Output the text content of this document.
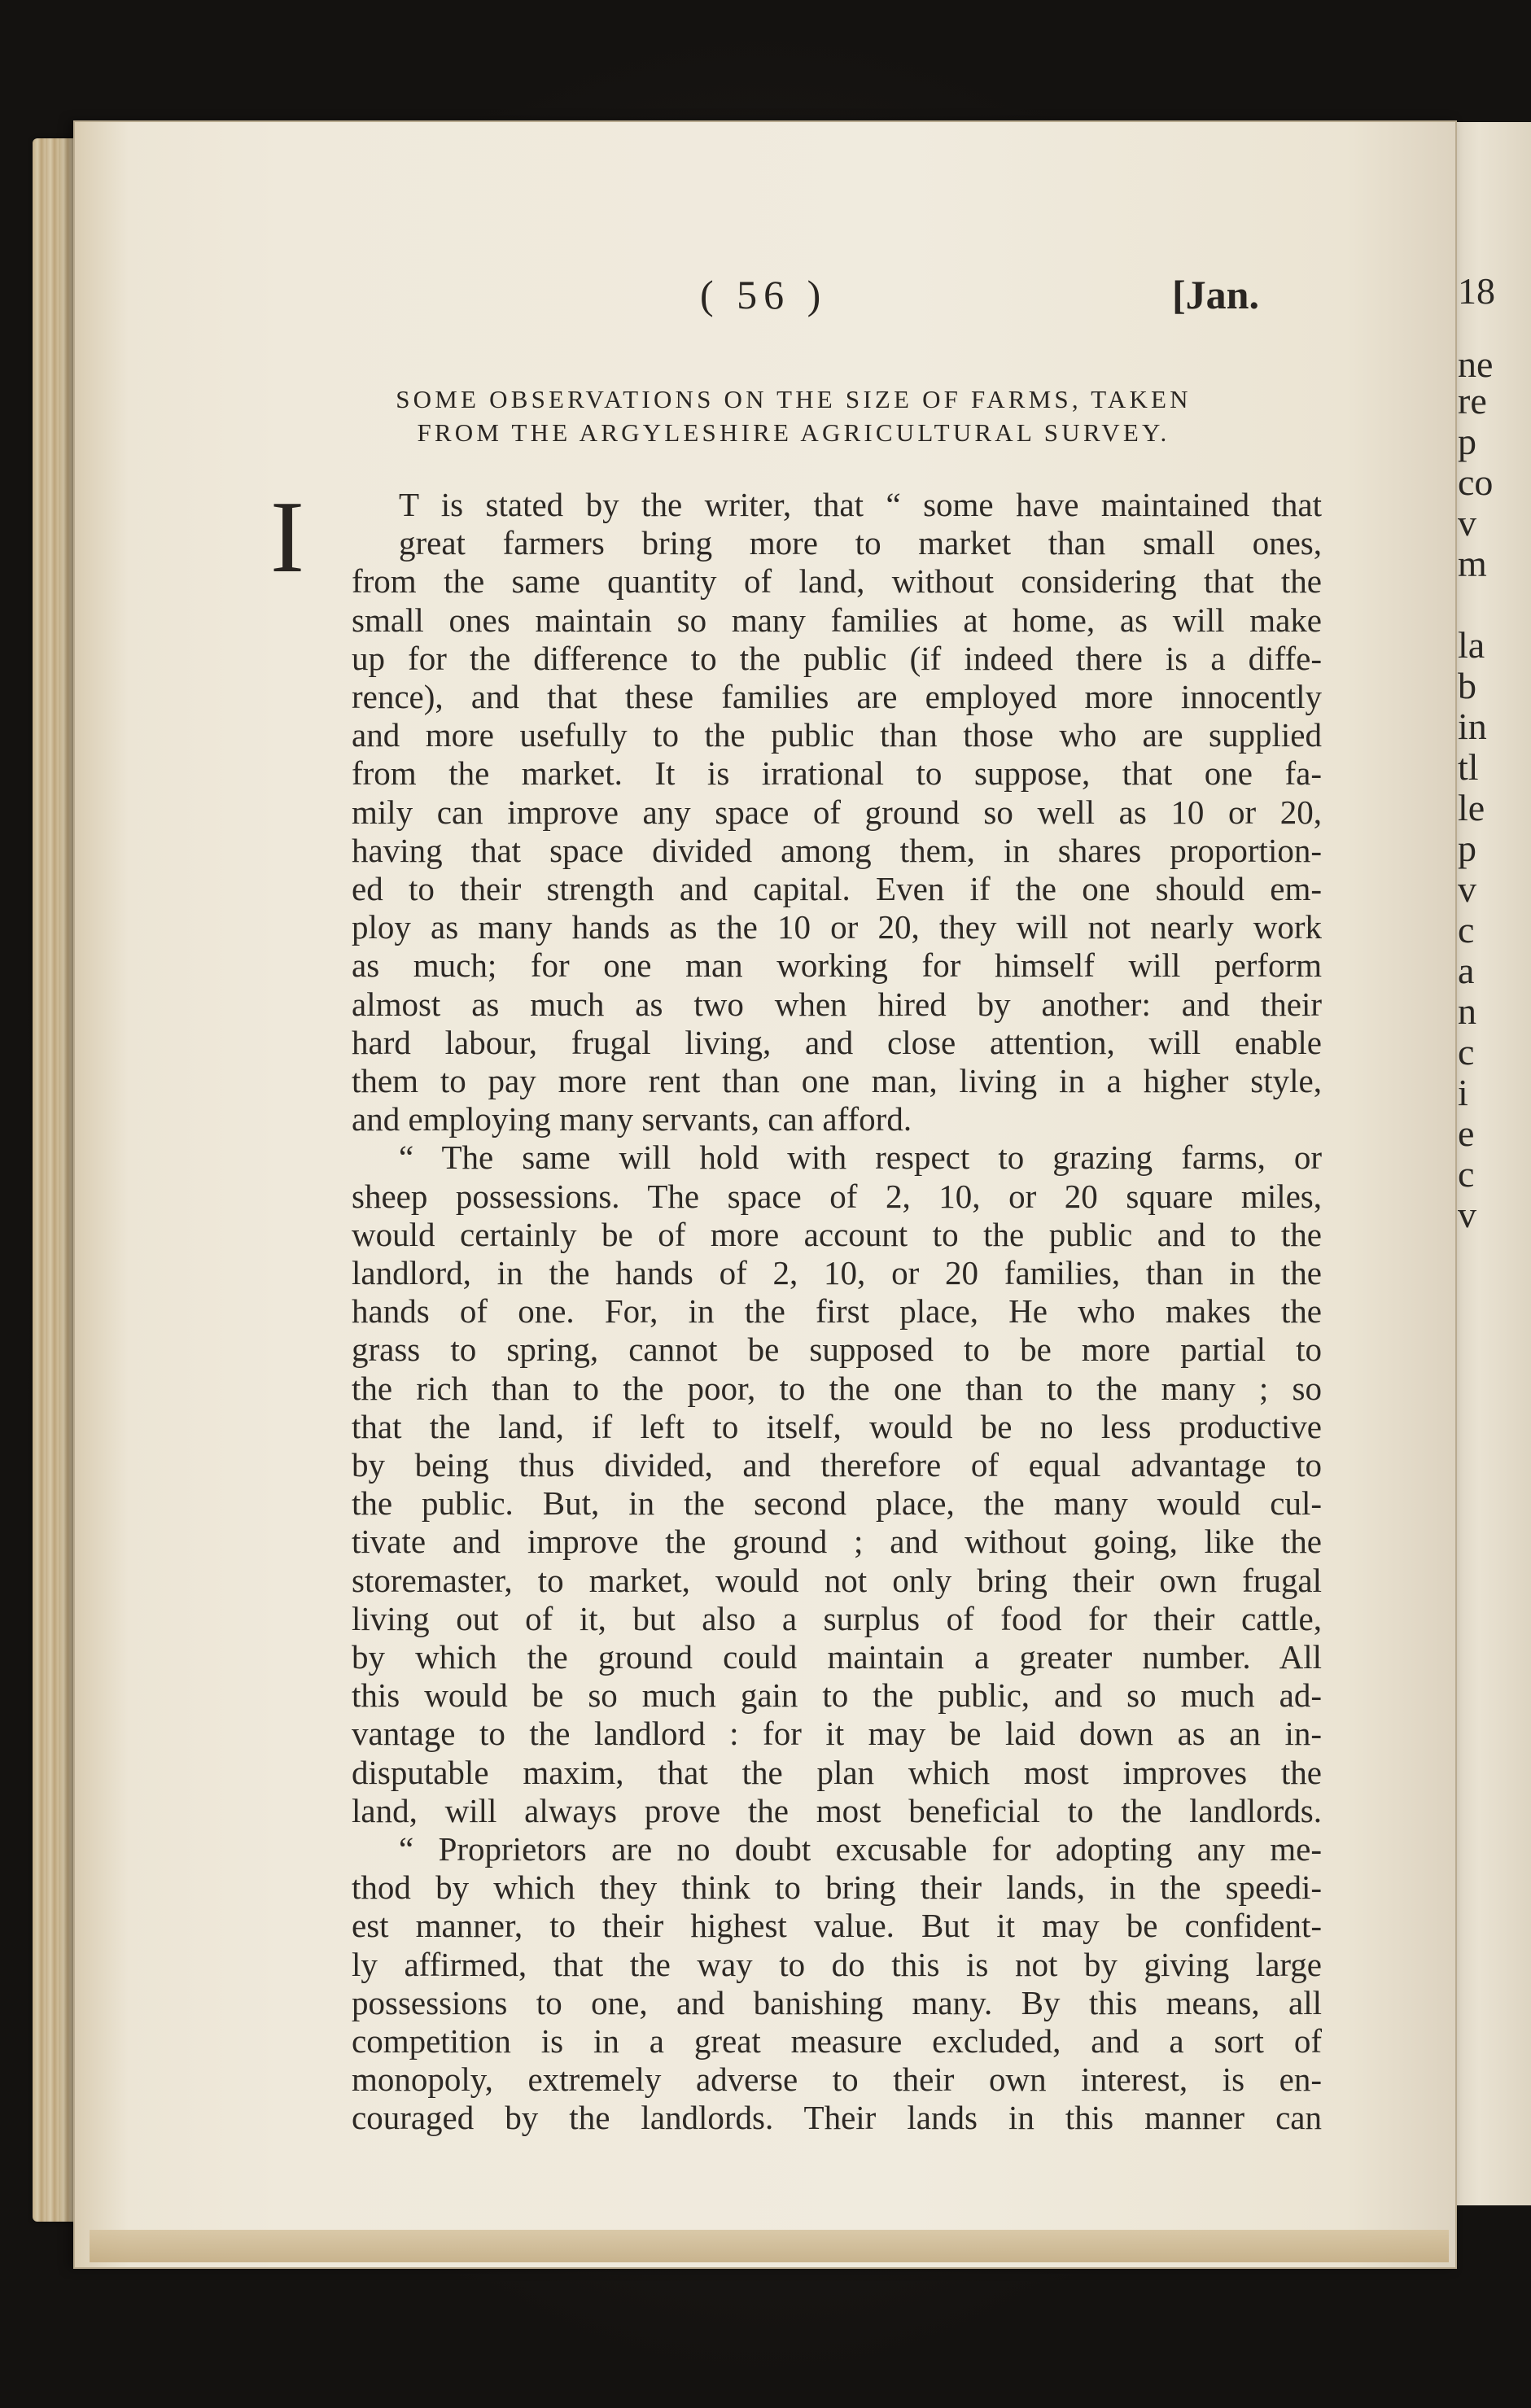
18
ne
re
p
co
v
m
la
b
in
tl
le
p
v
c
a
n
c
i
e
c
v
( 56 )	[Jan.
SOME OBSERVATIONS ON THE SIZE OF FARMS, TAKEN
FROM THE ARGYLESHIRE AGRICULTURAL SURVEY.
I	T is stated by the writer, that “ some have maintained that
great farmers bring more to market than small ones,
from the same quantity of land, without considering that the
small ones maintain so many families at home, as will make
up for the difference to the public (if indeed there is a diffe-
rence), and that these families are employed more innocently
and more usefully to the public than those who are supplied
from the market. It is irrational to suppose, that one fa-
mily can improve any space of ground so well as 10 or 20,
having that space divided among them, in shares proportion-
ed to their strength and capital. Even if the one should em-
ploy as many hands as the 10 or 20, they will not nearly work
as much; for one man working for himself will perform
almost as much as two when hired by another: and their
hard labour, frugal living, and close attention, will enable
them to pay more rent than one man, living in a higher style,
and employing many servants, can afford.
“ The same will hold with respect to grazing farms, or
sheep possessions. The space of 2, 10, or 20 square miles,
would certainly be of more account to the public and to the
landlord, in the hands of 2, 10, or 20 families, than in the
hands of one. For, in the first place, He who makes the
grass to spring, cannot be supposed to be more partial to
the rich than to the poor, to the one than to the many ; so
that the land, if left to itself, would be no less productive
by being thus divided, and therefore of equal advantage to
the public. But, in the second place, the many would cul-
tivate and improve the ground ; and without going, like the
storemaster, to market, would not only bring their own frugal
living out of it, but also a surplus of food for their cattle,
by which the ground could maintain a greater number. All
this would be so much gain to the public, and so much ad-
vantage to the landlord : for it may be laid down as an in-
disputable maxim, that the plan which most improves the
land, will always prove the most beneficial to the landlords.
“ Proprietors are no doubt excusable for adopting any me-
thod by which they think to bring their lands, in the speedi-
est manner, to their highest value. But it may be confident-
ly affirmed, that the way to do this is not by giving large
possessions to one, and banishing many. By this means, all
competition is in a great measure excluded, and a sort of
monopoly, extremely adverse to their own interest, is en-
couraged by the landlords. Their lands in this manner can
